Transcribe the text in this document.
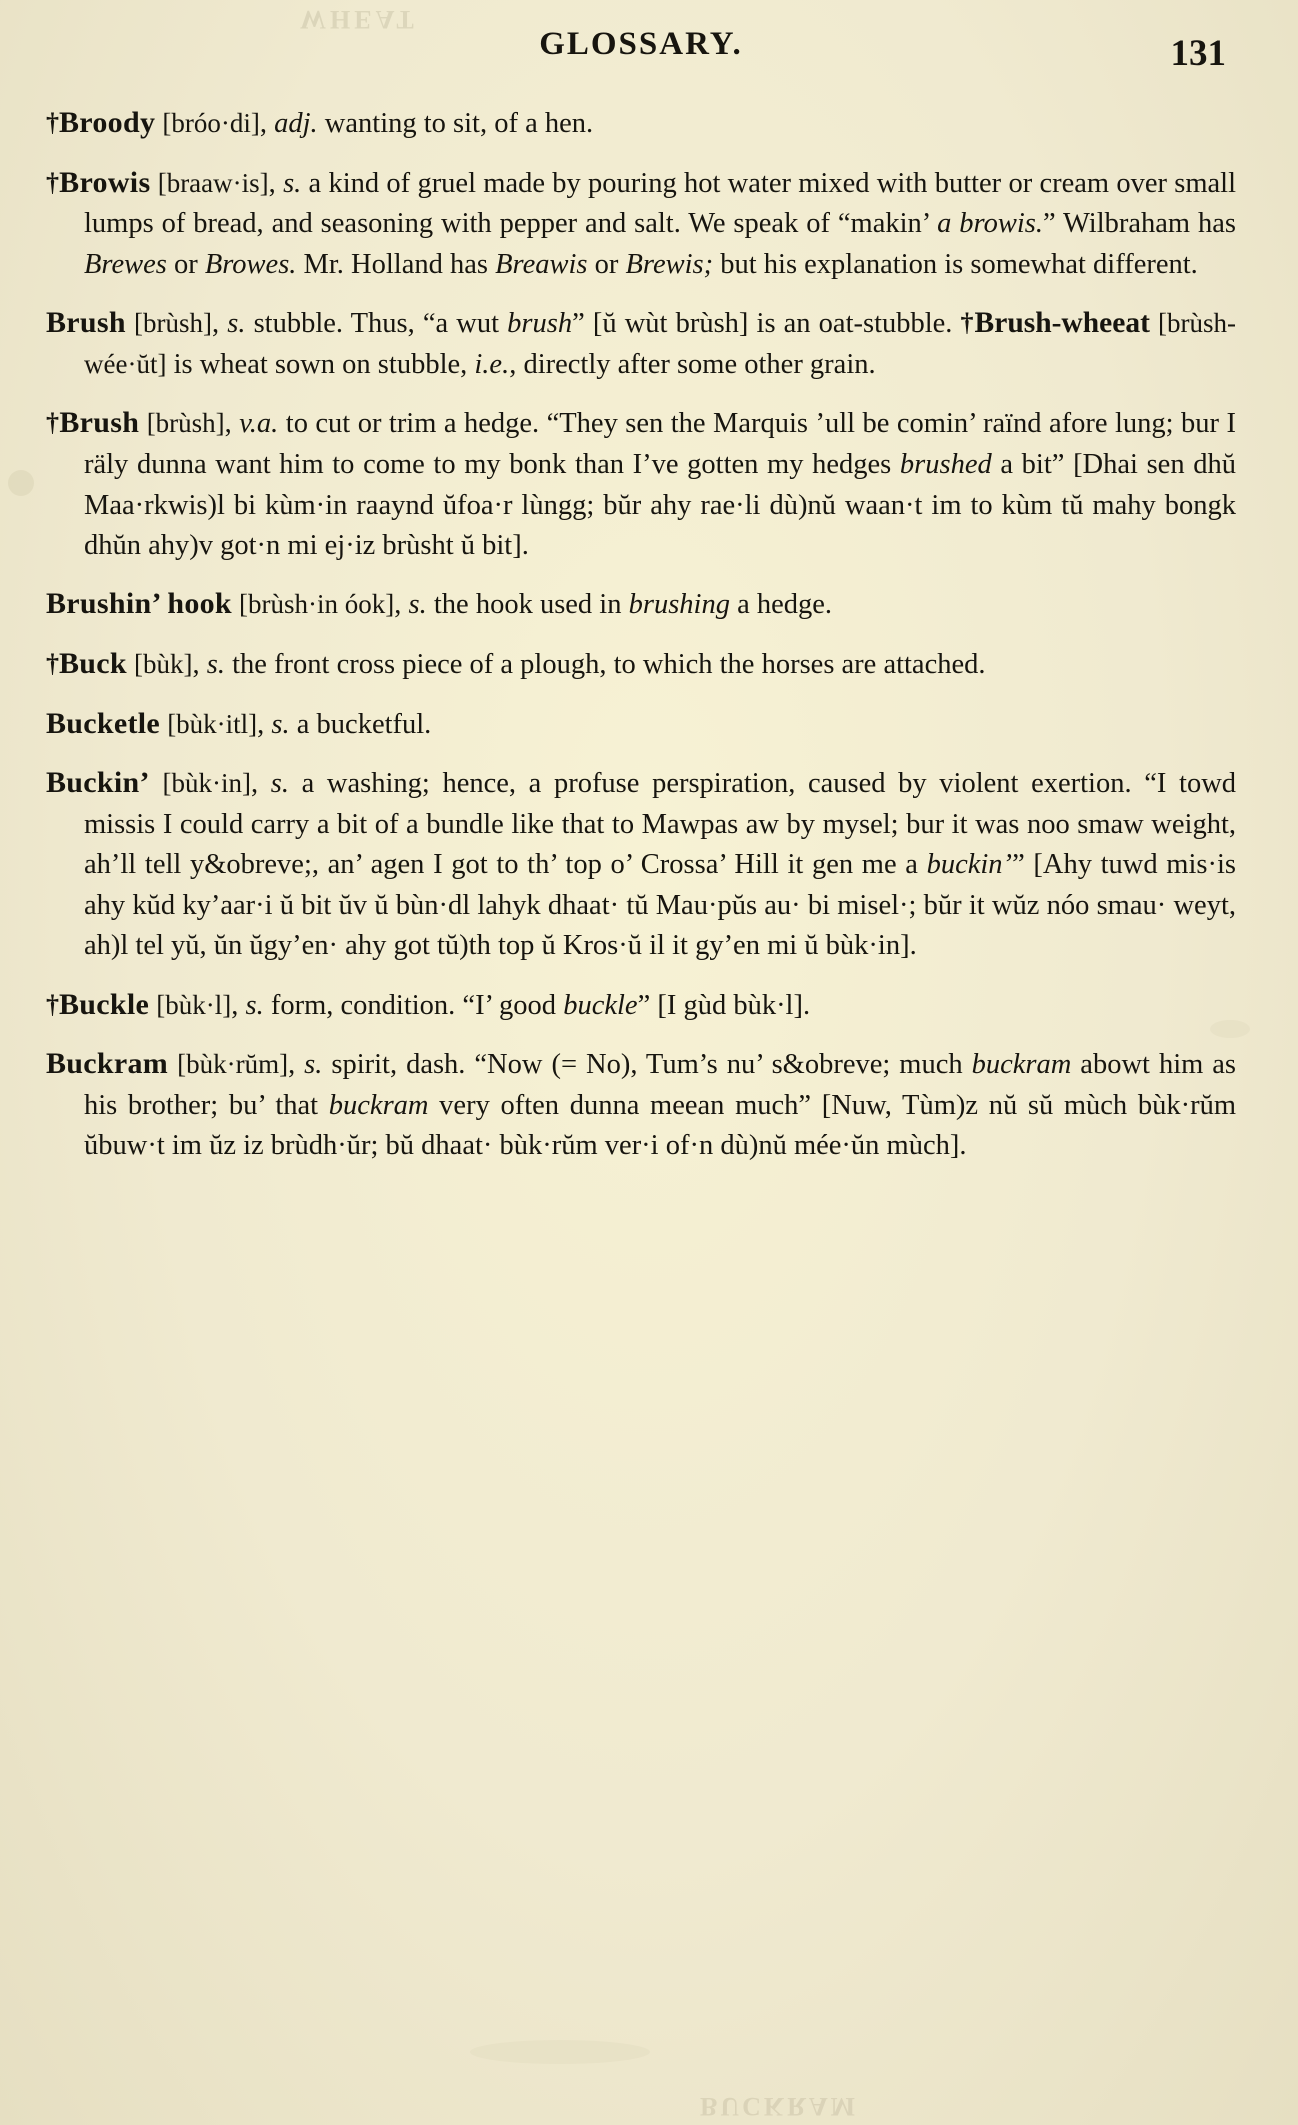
WHEAT
BUCKRAM
GLOSSARY.	131

†Broody [bróo·di], adj. wanting to sit, of a hen.

†Browis [braaw·is], s. a kind of gruel made by pouring hot water mixed with butter or cream over small lumps of bread, and seasoning with pepper and salt. We speak of “makin’ a browis.” Wilbraham has Brewes or Browes. Mr. Holland has Breawis or Brewis; but his explanation is somewhat different.

Brush [brùsh], s. stubble. Thus, “a wut brush” [ŭ wùt brùsh] is an oat-stubble. †Brush-wheeat [brùsh-wée·ŭt] is wheat sown on stubble, i.e., directly after some other grain.

†Brush [brùsh], v.a. to cut or trim a hedge. “They sen the Marquis ’ull be comin’ raïnd afore lung; bur I räly dunna want him to come to my bonk than I’ve gotten my hedges brushed a bit” [Dhai sen dhŭ Maa·rkwis)l bi kùm·in raaynd ŭfoa·r lùngg; bŭr ahy rae·li dù)nŭ waan·t im to kùm tŭ mahy bongk dhŭn ahy)v got·n mi ej·iz brùsht ŭ bit].

Brushin’ hook [brùsh·in óok], s. the hook used in brushing a hedge.

†Buck [bùk], s. the front cross piece of a plough, to which the horses are attached.

Bucketle [bùk·itl], s. a bucketful.

Buckin’ [bùk·in], s. a washing; hence, a profuse perspiration, caused by violent exertion. “I towd missis I could carry a bit of a bundle like that to Mawpas aw by mysel; bur it was noo smaw weight, ah’ll tell y&obreve;, an’ agen I got to th’ top o’ Crossa’ Hill it gen me a buckin’” [Ahy tuwd mis·is ahy kŭd ky’aar·i ŭ bit ŭv ŭ bùn·dl lahyk dhaat· tŭ Mau·pŭs au· bi misel·; bŭr it wŭz nóo smau· weyt, ah)l tel yŭ, ŭn ŭgy’en· ahy got tŭ)th top ŭ Kros·ŭ il it gy’en mi ŭ bùk·in].

†Buckle [bùk·l], s. form, condition. “I’ good buckle” [I gùd bùk·l].

Buckram [bùk·rŭm], s. spirit, dash. “Now (= No), Tum’s nu’ s&obreve; much buckram abowt him as his brother; bu’ that buckram very often dunna meean much” [Nuw, Tùm)z nŭ sŭ mùch bùk·rŭm ŭbuw·t im ŭz iz brùdh·ŭr; bŭ dhaat· bùk·rŭm ver·i of·n dù)nŭ mée·ŭn mùch].
